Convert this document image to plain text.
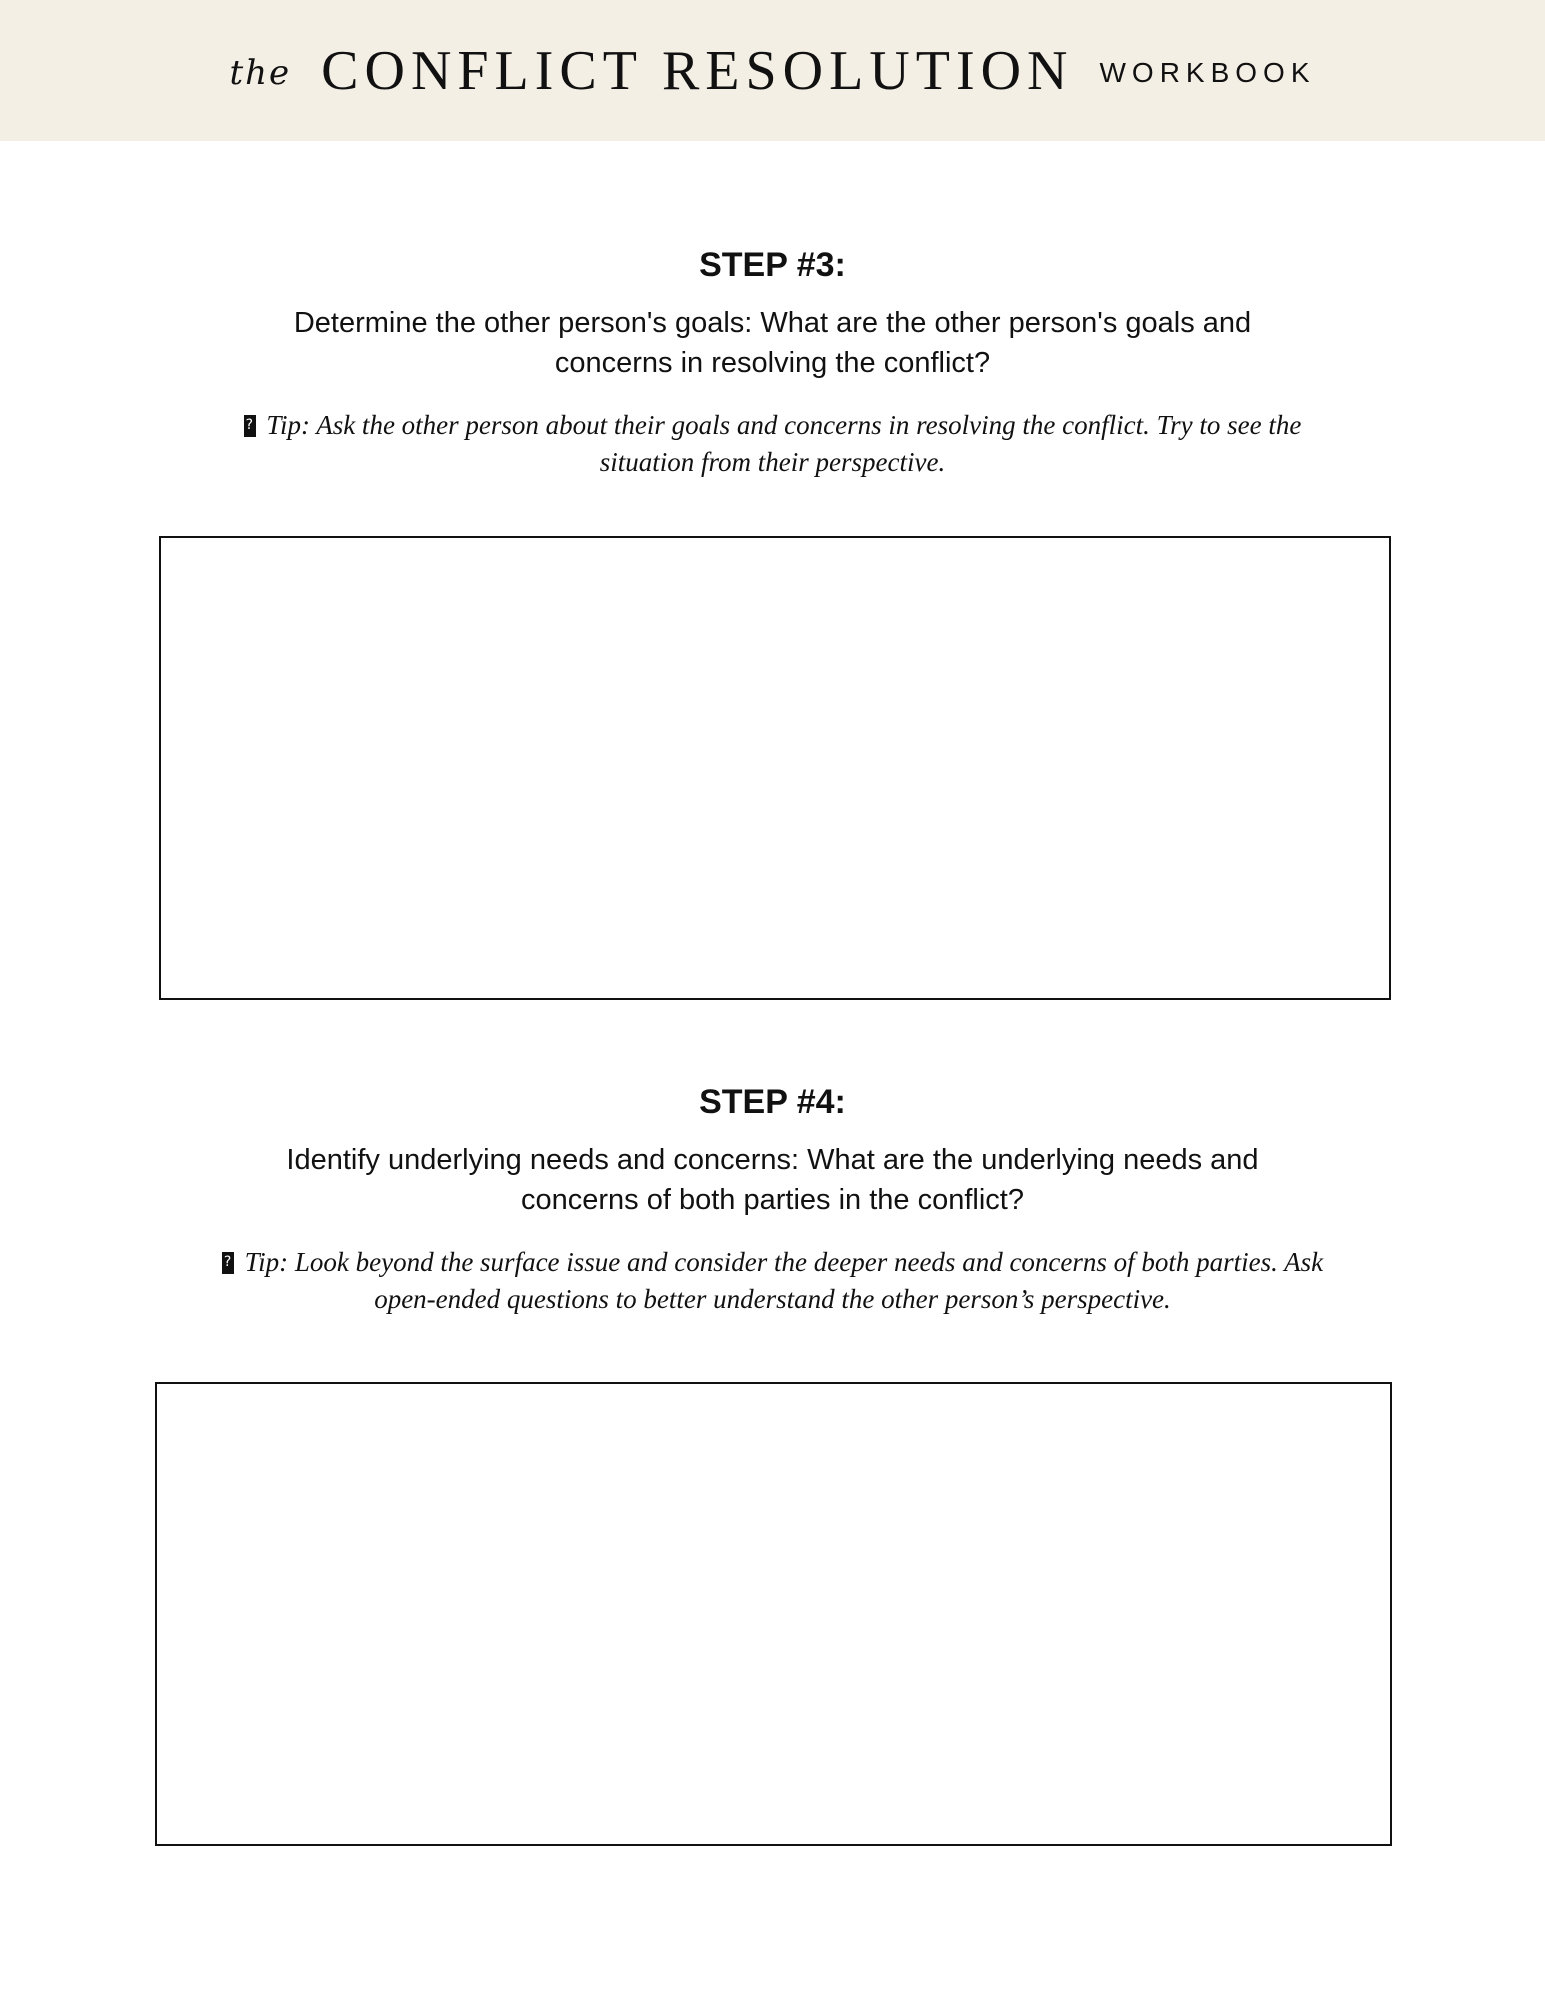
the CONFLICT RESOLUTION WORKBOOK
STEP #3:

Determine the other person's goals: What are the other person's goals and concerns in resolving the conflict?

? Tip: Ask the other person about their goals and concerns in resolving the conflict. Try to see the situation from their perspective.

STEP #4:

Identify underlying needs and concerns: What are the underlying needs and concerns of both parties in the conflict?

? Tip: Look beyond the surface issue and consider the deeper needs and concerns of both parties. Ask open-ended questions to better understand the other person’s perspective.
